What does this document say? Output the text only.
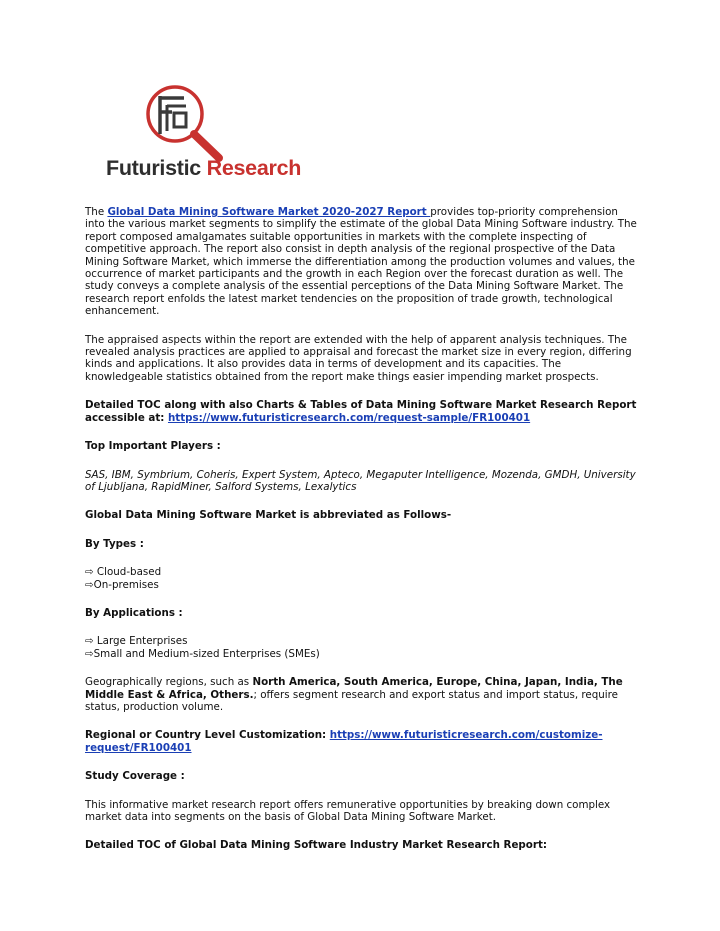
Futuristic Research

The Global Data Mining Software Market 2020-2027 Report provides top-priority comprehension into the various market segments to simplify the estimate of the global Data Mining Software industry. The report composed amalgamates suitable opportunities in markets with the complete inspecting of competitive approach. The report also consist in depth analysis of the regional prospective of the Data Mining Software Market, which immerse the differentiation among the production volumes and values, the occurrence of market participants and the growth in each Region over the forecast duration as well. The study conveys a complete analysis of the essential perceptions of the Data Mining Software Market. The research report enfolds the latest market tendencies on the proposition of trade growth, technological enhancement.

The appraised aspects within the report are extended with the help of apparent analysis techniques. The revealed analysis practices are applied to appraisal and forecast the market size in every region, differing kinds and applications. It also provides data in terms of development and its capacities. The knowledgeable statistics obtained from the report make things easier impending market prospects.

Detailed TOC along with also Charts & Tables of Data Mining Software Market Research Report accessible at: https://www.futuristicresearch.com/request-sample/FR100401

Top Important Players :

SAS, IBM, Symbrium, Coheris, Expert System, Apteco, Megaputer Intelligence, Mozenda, GMDH, University of Ljubljana, RapidMiner, Salford Systems, Lexalytics

Global Data Mining Software Market is abbreviated as Follows-

By Types :

⇨ Cloud-based
⇨On-premises

By Applications :

⇨ Large Enterprises
⇨Small and Medium-sized Enterprises (SMEs)

Geographically regions, such as North America, South America, Europe, China, Japan, India, The Middle East & Africa, Others.; offers segment research and export status and import status, require status, production volume.

Regional or Country Level Customization: https://www.futuristicresearch.com/customize-request/FR100401

Study Coverage :

This informative market research report offers remunerative opportunities by breaking down complex market data into segments on the basis of Global Data Mining Software Market.

Detailed TOC of Global Data Mining Software Industry Market Research Report:
